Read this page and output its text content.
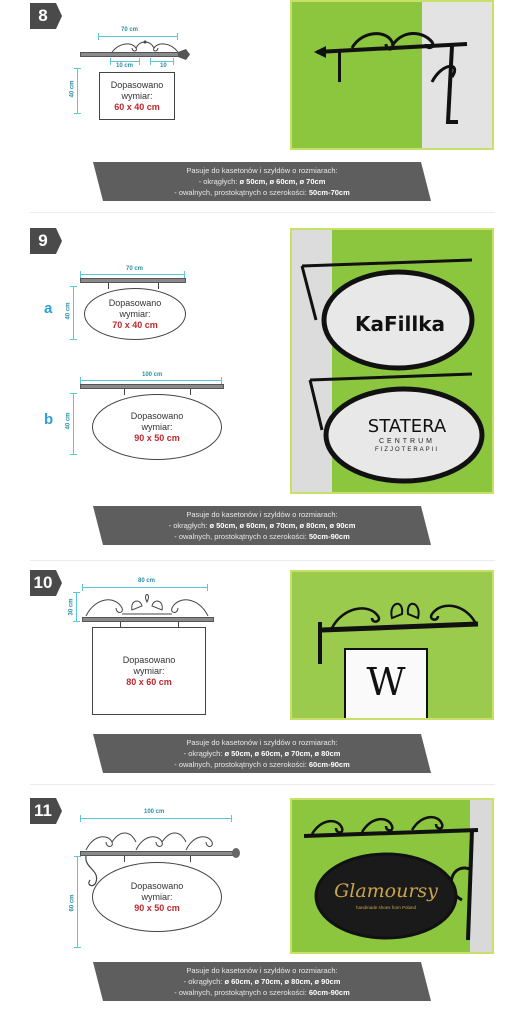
8
70 cm
10 cm	10
40 cm	Dopasowano
wymiar:
60 x 40 cm
Pasuje do kasetonów i szyldów o rozmiarach:
- okrągłych: ø 50cm, ø 60cm, ø 70cm
- owalnych, prostokątnych o szerokości: 50cm-70cm
9
a
70 cm
40 cm	Dopasowano
wymiar:
70 x 40 cm
b
100 cm
40 cm	Dopasowano
wymiar:
90 x 50 cm
KaFillka
STATERA
CENTRUM
FIZJOTERAPII
Pasuje do kasetonów i szyldów o rozmiarach:
- okrągłych: ø 50cm, ø 60cm, ø 70cm, ø 80cm, ø 90cm
- owalnych, prostokątnych o szerokości: 50cm-90cm
10	80 cm
30 cm
Dopasowano
wymiar:
80 x 60 cm	W
Pasuje do kasetonów i szyldów o rozmiarach:
- okrągłych: ø 50cm, ø 60cm, ø 70cm, ø 80cm
- owalnych, prostokątnych o szerokości: 60cm-90cm
11	100 cm
60 cm
Dopasowano
wymiar:
90 x 50 cm
Glamoursy
handmade shoes from Poland
Pasuje do kasetonów i szyldów o rozmiarach:
- okrągłych: ø 60cm, ø 70cm, ø 80cm, ø 90cm
- owalnych, prostokątnych o szerokości: 60cm-90cm
